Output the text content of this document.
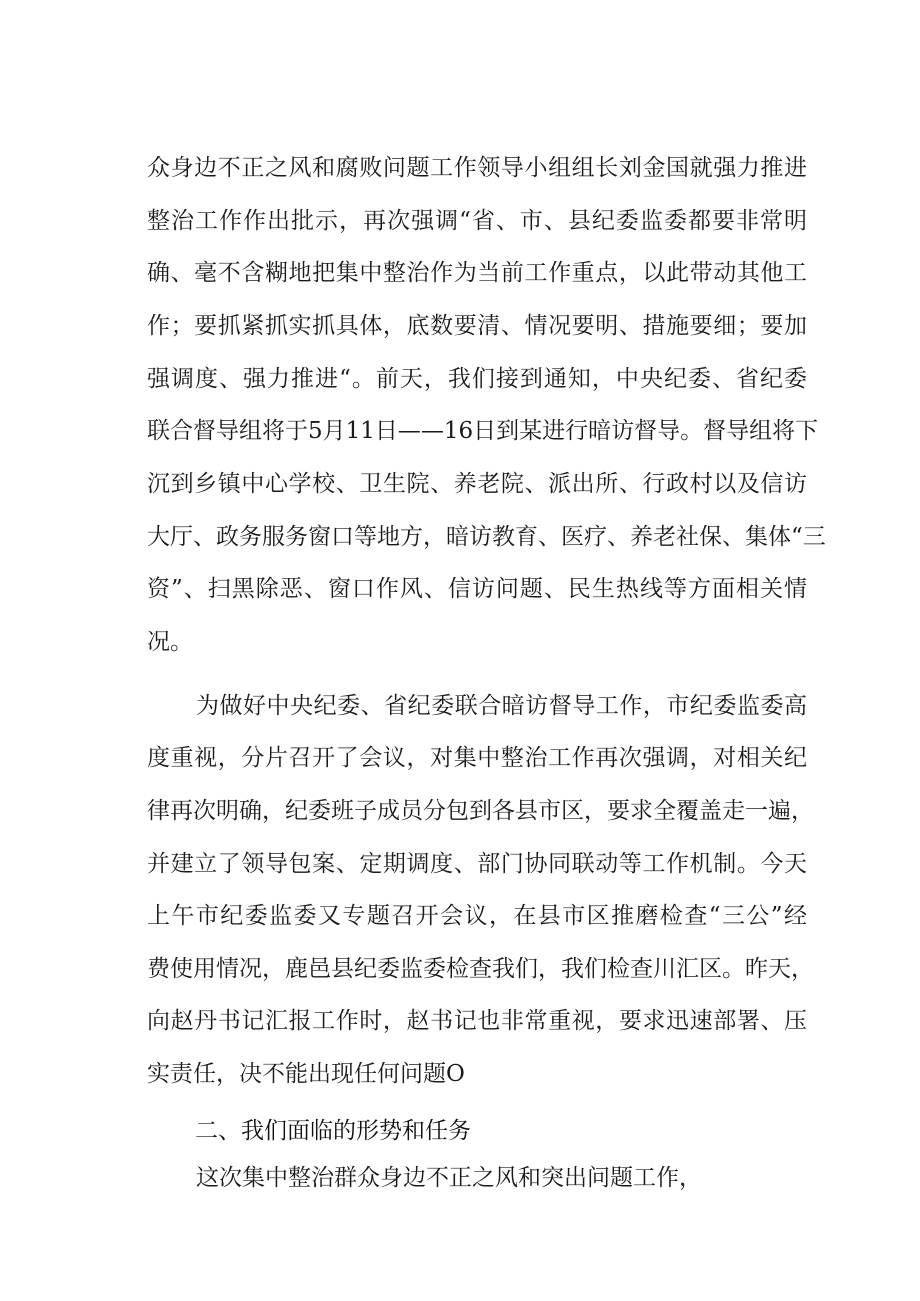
众身边不正之风和腐败问题工作领导小组组长刘金国就强力推进
整治工作作出批示，再次强调“省、市、县纪委监委都要非常明
确、毫不含糊地把集中整治作为当前工作重点，以此带动其他工
作；要抓紧抓实抓具体，底数要清、情况要明、措施要细；要加
强调度、强力推进“。前天，我们接到通知，中央纪委、省纪委
联合督导组将于5月11日——16日到某进行暗访督导。督导组将下
沉到乡镇中心学校、卫生院、养老院、派出所、行政村以及信访
大厅、政务服务窗口等地方，暗访教育、医疗、养老社保、集体“三
资”、扫黑除恶、窗口作风、信访问题、民生热线等方面相关情
况。
为做好中央纪委、省纪委联合暗访督导工作，市纪委监委高
度重视，分片召开了会议，对集中整治工作再次强调，对相关纪
律再次明确，纪委班子成员分包到各县市区，要求全覆盖走一遍，
并建立了领导包案、定期调度、部门协同联动等工作机制。今天
上午市纪委监委又专题召开会议，在县市区推磨检查“三公”经
费使用情况，鹿邑县纪委监委检查我们，我们检查川汇区。昨天，
向赵丹书记汇报工作时，赵书记也非常重视，要求迅速部署、压
实责任，决不能出现任何问题O
二、我们面临的形势和任务
这次集中整治群众身边不正之风和突出问题工作，
